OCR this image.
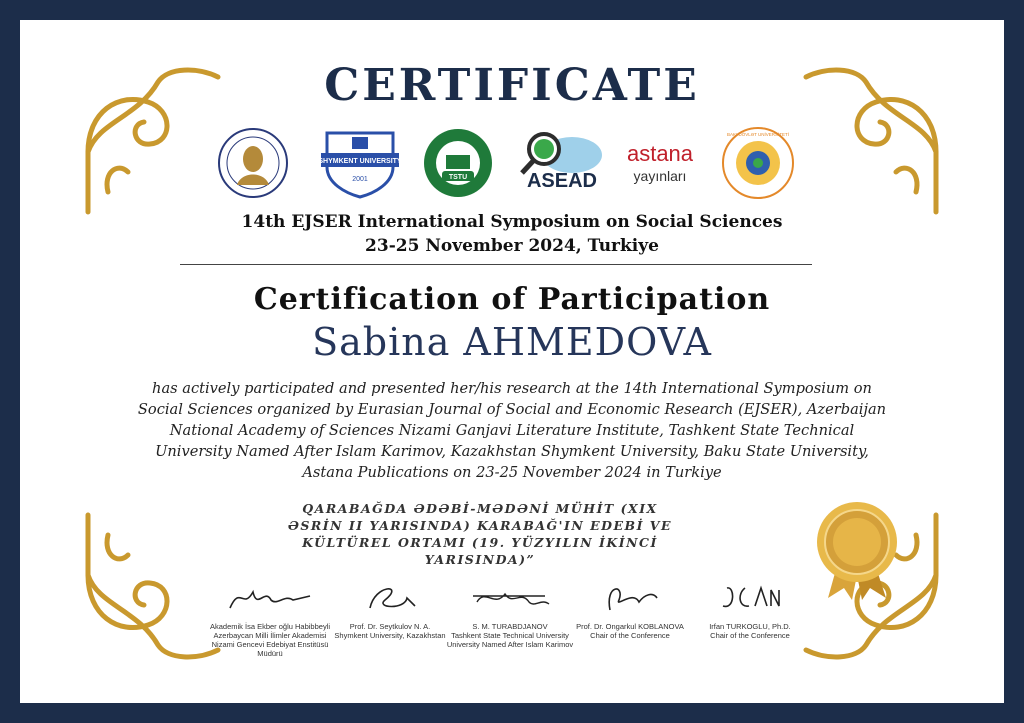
CERTIFICATE
SHYMKENT UNIVERSITY
2001	TSTU	ASEAD
astana
yayınları
BAKI DÖVLƏT UNİVERSİTETİ
14th EJSER International Symposium on Social Sciences
23-25 November 2024, Turkiye
Certification of Participation
Sabina AHMEDOVA
has actively participated and presented her/his research at the 14th International Symposium on
Social Sciences organized by Eurasian Journal of Social and Economic Research (EJSER), Azerbaijan
National Academy of Sciences Nizami Ganjavi Literature Institute, Tashkent State Technical
University Named After Islam Karimov, Kazakhstan Shymkent University, Baku State University,
Astana Publications on 23-25 November 2024 in Turkiye
QARABAĞDA ƏDƏBİ-MƏDƏNİ MÜHİT (XIX
ƏSRİN II YARISINDA) KARABAĞ'IN EDEBİ VE
KÜLTÜREL ORTAMI (19. YÜZYILIN İKİNCİ
YARISINDA)”
Akademik İsa Ekber oğlu Habibbeyli
Azerbaycan Milli İlimler Akademisi
Nizami Gencevi Edebiyat Enstitüsü Müdürü
Prof. Dr. Seytkulov N. A.
Shymkent University, Kazakhstan
S. M. TURABDJANOV
Tashkent State Technical University
University Named After Islam Karimov
Prof. Dr. Ongarkul KOBLANOVA
Chair of the Conference
Irfan TURKOGLU, Ph.D.
Chair of the Conference
